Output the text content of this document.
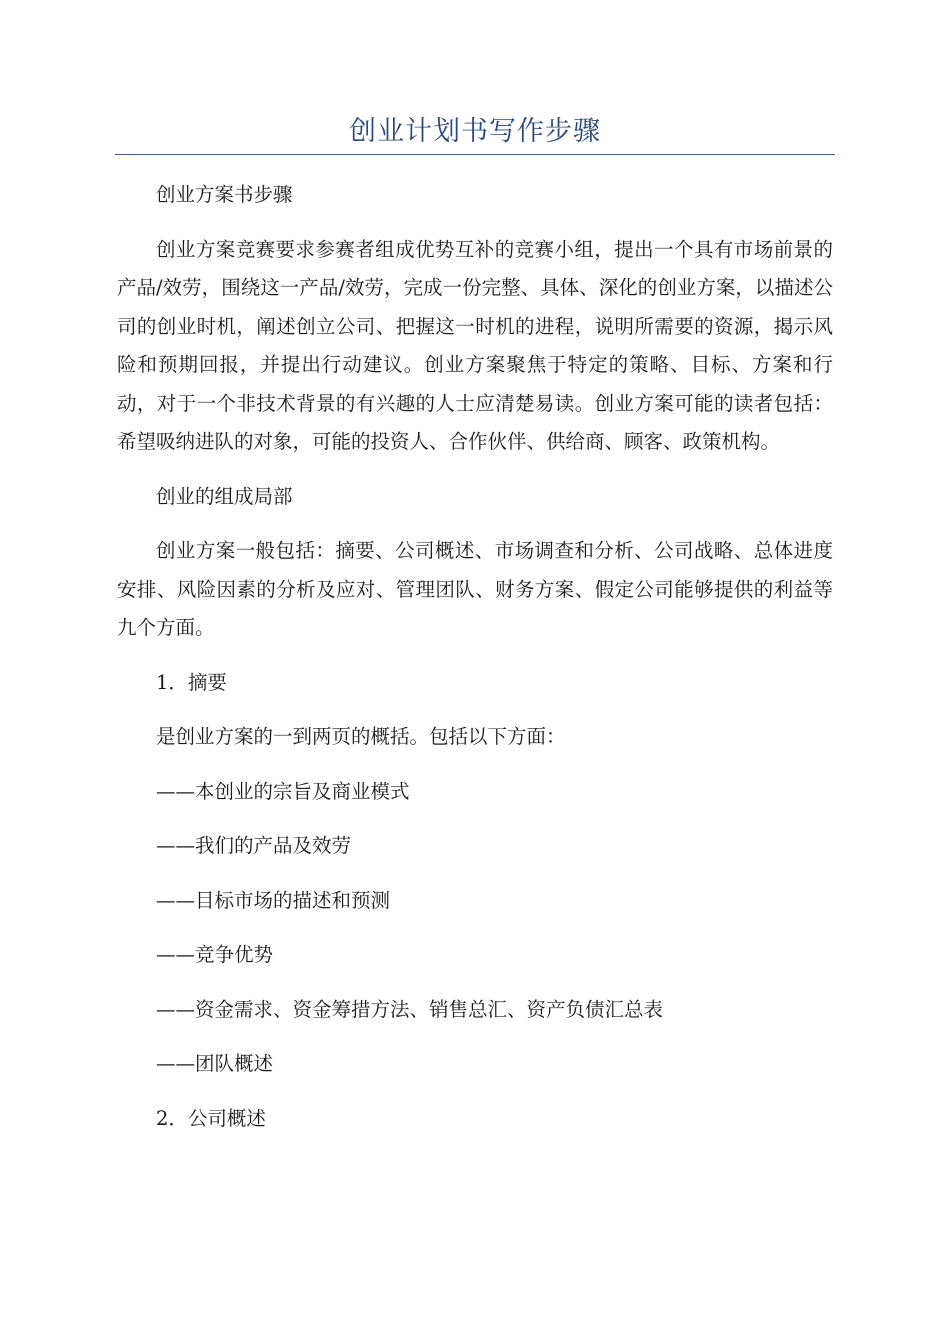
创业计划书写作步骤

创业方案书步骤

创业方案竞赛要求参赛者组成优势互补的竞赛小组，提出一个具有市场前景的产品/效劳，围绕这一产品/效劳，完成一份完整、具体、深化的创业方案，以描述公司的创业时机，阐述创立公司、把握这一时机的进程，说明所需要的资源，揭示风险和预期回报，并提出行动建议。创业方案聚焦于特定的策略、目标、方案和行动，对于一个非技术背景的有兴趣的人士应清楚易读。创业方案可能的读者包括：希望吸纳进队的对象，可能的投资人、合作伙伴、供给商、顾客、政策机构。

创业的组成局部

创业方案一般包括：摘要、公司概述、市场调查和分析、公司战略、总体进度安排、风险因素的分析及应对、管理团队、财务方案、假定公司能够提供的利益等九个方面。

1．摘要

是创业方案的一到两页的概括。包括以下方面：

——本创业的宗旨及商业模式

——我们的产品及效劳

——目标市场的描述和预测

——竞争优势

——资金需求、资金筹措方法、销售总汇、资产负债汇总表

——团队概述

2．公司概述
